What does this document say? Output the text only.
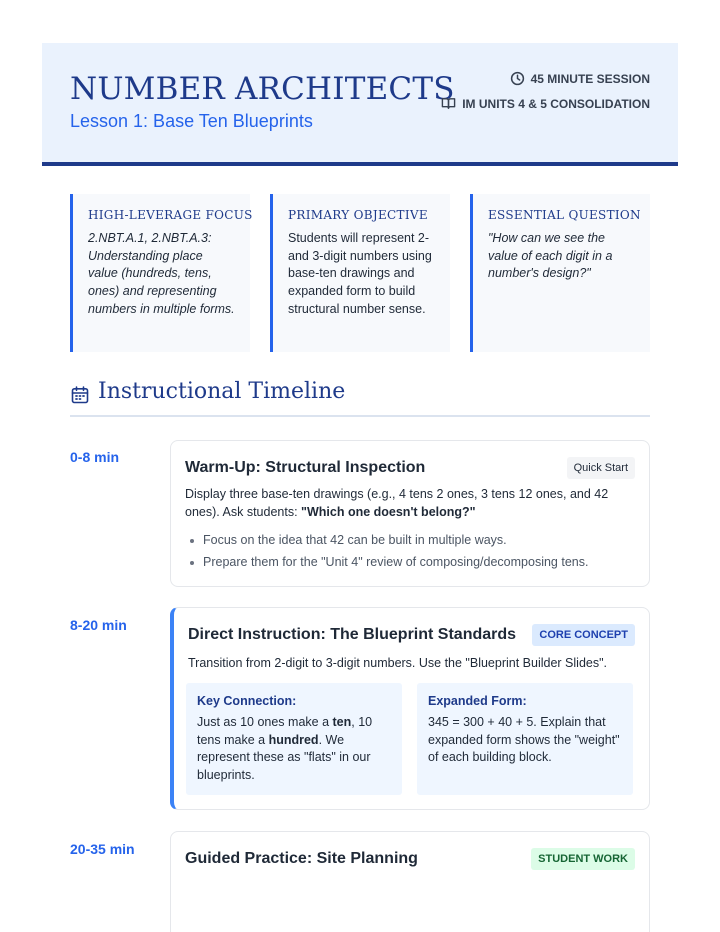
NUMBER ARCHITECTS
Lesson 1: Base Ten Blueprints
45 MINUTE SESSION
IM UNITS 4 & 5 CONSOLIDATION
HIGH-LEVERAGE FOCUS
2.NBT.A.1, 2.NBT.A.3: Understanding place value (hundreds, tens, ones) and representing numbers in multiple forms.
PRIMARY OBJECTIVE
Students will represent 2- and 3-digit numbers using base-ten drawings and expanded form to build structural number sense.
ESSENTIAL QUESTION
"How can we see the value of each digit in a number's design?"
Instructional Timeline
0-8 min
Warm-Up: Structural Inspection	Quick Start
Display three base-ten drawings (e.g., 4 tens 2 ones, 3 tens 12 ones, and 42 ones). Ask students: "Which one doesn't belong?"
Focus on the idea that 42 can be built in multiple ways.
Prepare them for the "Unit 4" review of composing/decomposing tens.
8-20 min
Direct Instruction: The Blueprint Standards	CORE CONCEPT
Transition from 2-digit to 3-digit numbers. Use the "Blueprint Builder Slides".
Key Connection:
Just as 10 ones make a ten, 10 tens make a hundred. We represent these as "flats" in our blueprints.
Expanded Form:
345 = 300 + 40 + 5. Explain that expanded form shows the "weight" of each building block.
20-35 min
Guided Practice: Site Planning	STUDENT WORK
